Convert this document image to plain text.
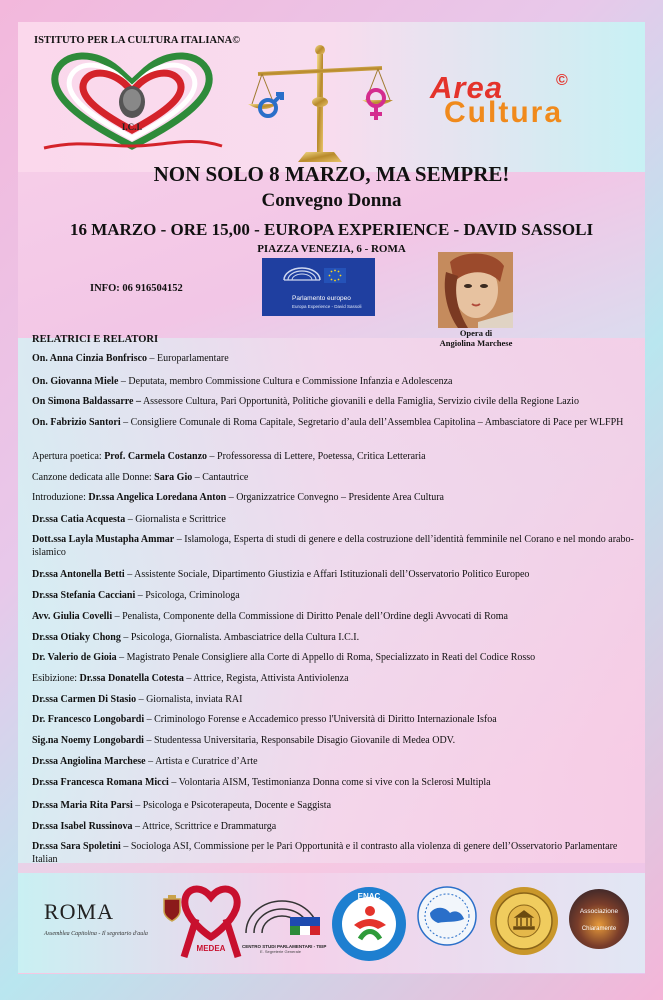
ISTITUTO PER LA CULTURA ITALIANA©
I.C.I.
Area
Cultura
©
NON SOLO 8 MARZO, MA SEMPRE!
Convegno Donna
16 MARZO - ORE 15,00 - EUROPA EXPERIENCE - DAVID SASSOLI
PIAZZA VENEZIA, 6 - ROMA
INFO: 06 916504152
Parlamento europeo
Europa Experience - David Sassoli
Opera di
Angiolina Marchese
RELATRICI E RELATORI
On. Anna Cinzia Bonfrisco – Europarlamentare
On. Giovanna Miele – Deputata, membro Commissione Cultura e Commissione Infanzia e Adolescenza
On Simona Baldassarre – Assessore Cultura, Pari Opportunità, Politiche giovanili e della Famiglia, Servizio civile della Regione Lazio
On. Fabrizio Santori – Consigliere Comunale di Roma Capitale, Segretario d’aula dell’Assemblea Capitolina – Ambasciatore di Pace per WLFPH
Apertura poetica: Prof. Carmela Costanzo – Professoressa di Lettere, Poetessa, Critica Letteraria
Canzone dedicata alle Donne: Sara Gio – Cantautrice
Introduzione: Dr.ssa Angelica Loredana Anton – Organizzatrice Convegno – Presidente Area Cultura
Dr.ssa Catia Acquesta – Giornalista e Scrittrice
Dott.ssa Layla Mustapha Ammar – Islamologa, Esperta di studi di genere e della costruzione dell’identità femminile nel Corano e nel mondo arabo-islamico
Dr.ssa Antonella Betti – Assistente Sociale, Dipartimento Giustizia e Affari Istituzionali dell’Osservatorio Politico Europeo
Dr.ssa Stefania Cacciani – Psicologa, Criminologa
Avv. Giulia Covelli – Penalista, Componente della Commissione di Diritto Penale dell’Ordine degli Avvocati di Roma
Dr.ssa Otiaky Chong – Psicologa, Giornalista. Ambasciatrice della Cultura I.C.I.
Dr. Valerio de Gioia – Magistrato Penale Consigliere alla Corte di Appello di Roma, Specializzato in Reati del Codice Rosso
Esibizione: Dr.ssa Donatella Cotesta – Attrice, Regista, Attivista Antiviolenza
Dr.ssa Carmen Di Stasio – Giornalista, inviata RAI
Dr. Francesco Longobardi – Criminologo Forense e Accademico presso l'Università di Diritto Internazionale Isfoa
Sig.na Noemy Longobardi – Studentessa Universitaria, Responsabile Disagio Giovanile di Medea ODV.
Dr.ssa Angiolina Marchese – Artista e Curatrice d’Arte
Dr.ssa Francesca Romana Micci – Volontaria AISM, Testimonianza Donna come si vive con la Sclerosi Multipla
Dr.ssa Maria Rita Parsi – Psicologa e Psicoterapeuta, Docente e Saggista
Dr.ssa Isabel Russinova – Attrice, Scrittrice e Drammaturga
Dr.ssa Sara Spoletini – Sociologa ASI, Commissione per le Pari Opportunità e il contrasto alla violenza di genere dell’Osservatorio Parlamentare Italian
ROMA
Assemblea Capitolina - Il segretario d'aula
MEDEA	CENTRO STUDI PARLAMENTARI - TEIP
E. Segreterie Generale
ENAC
Associazione
Chiaramente
